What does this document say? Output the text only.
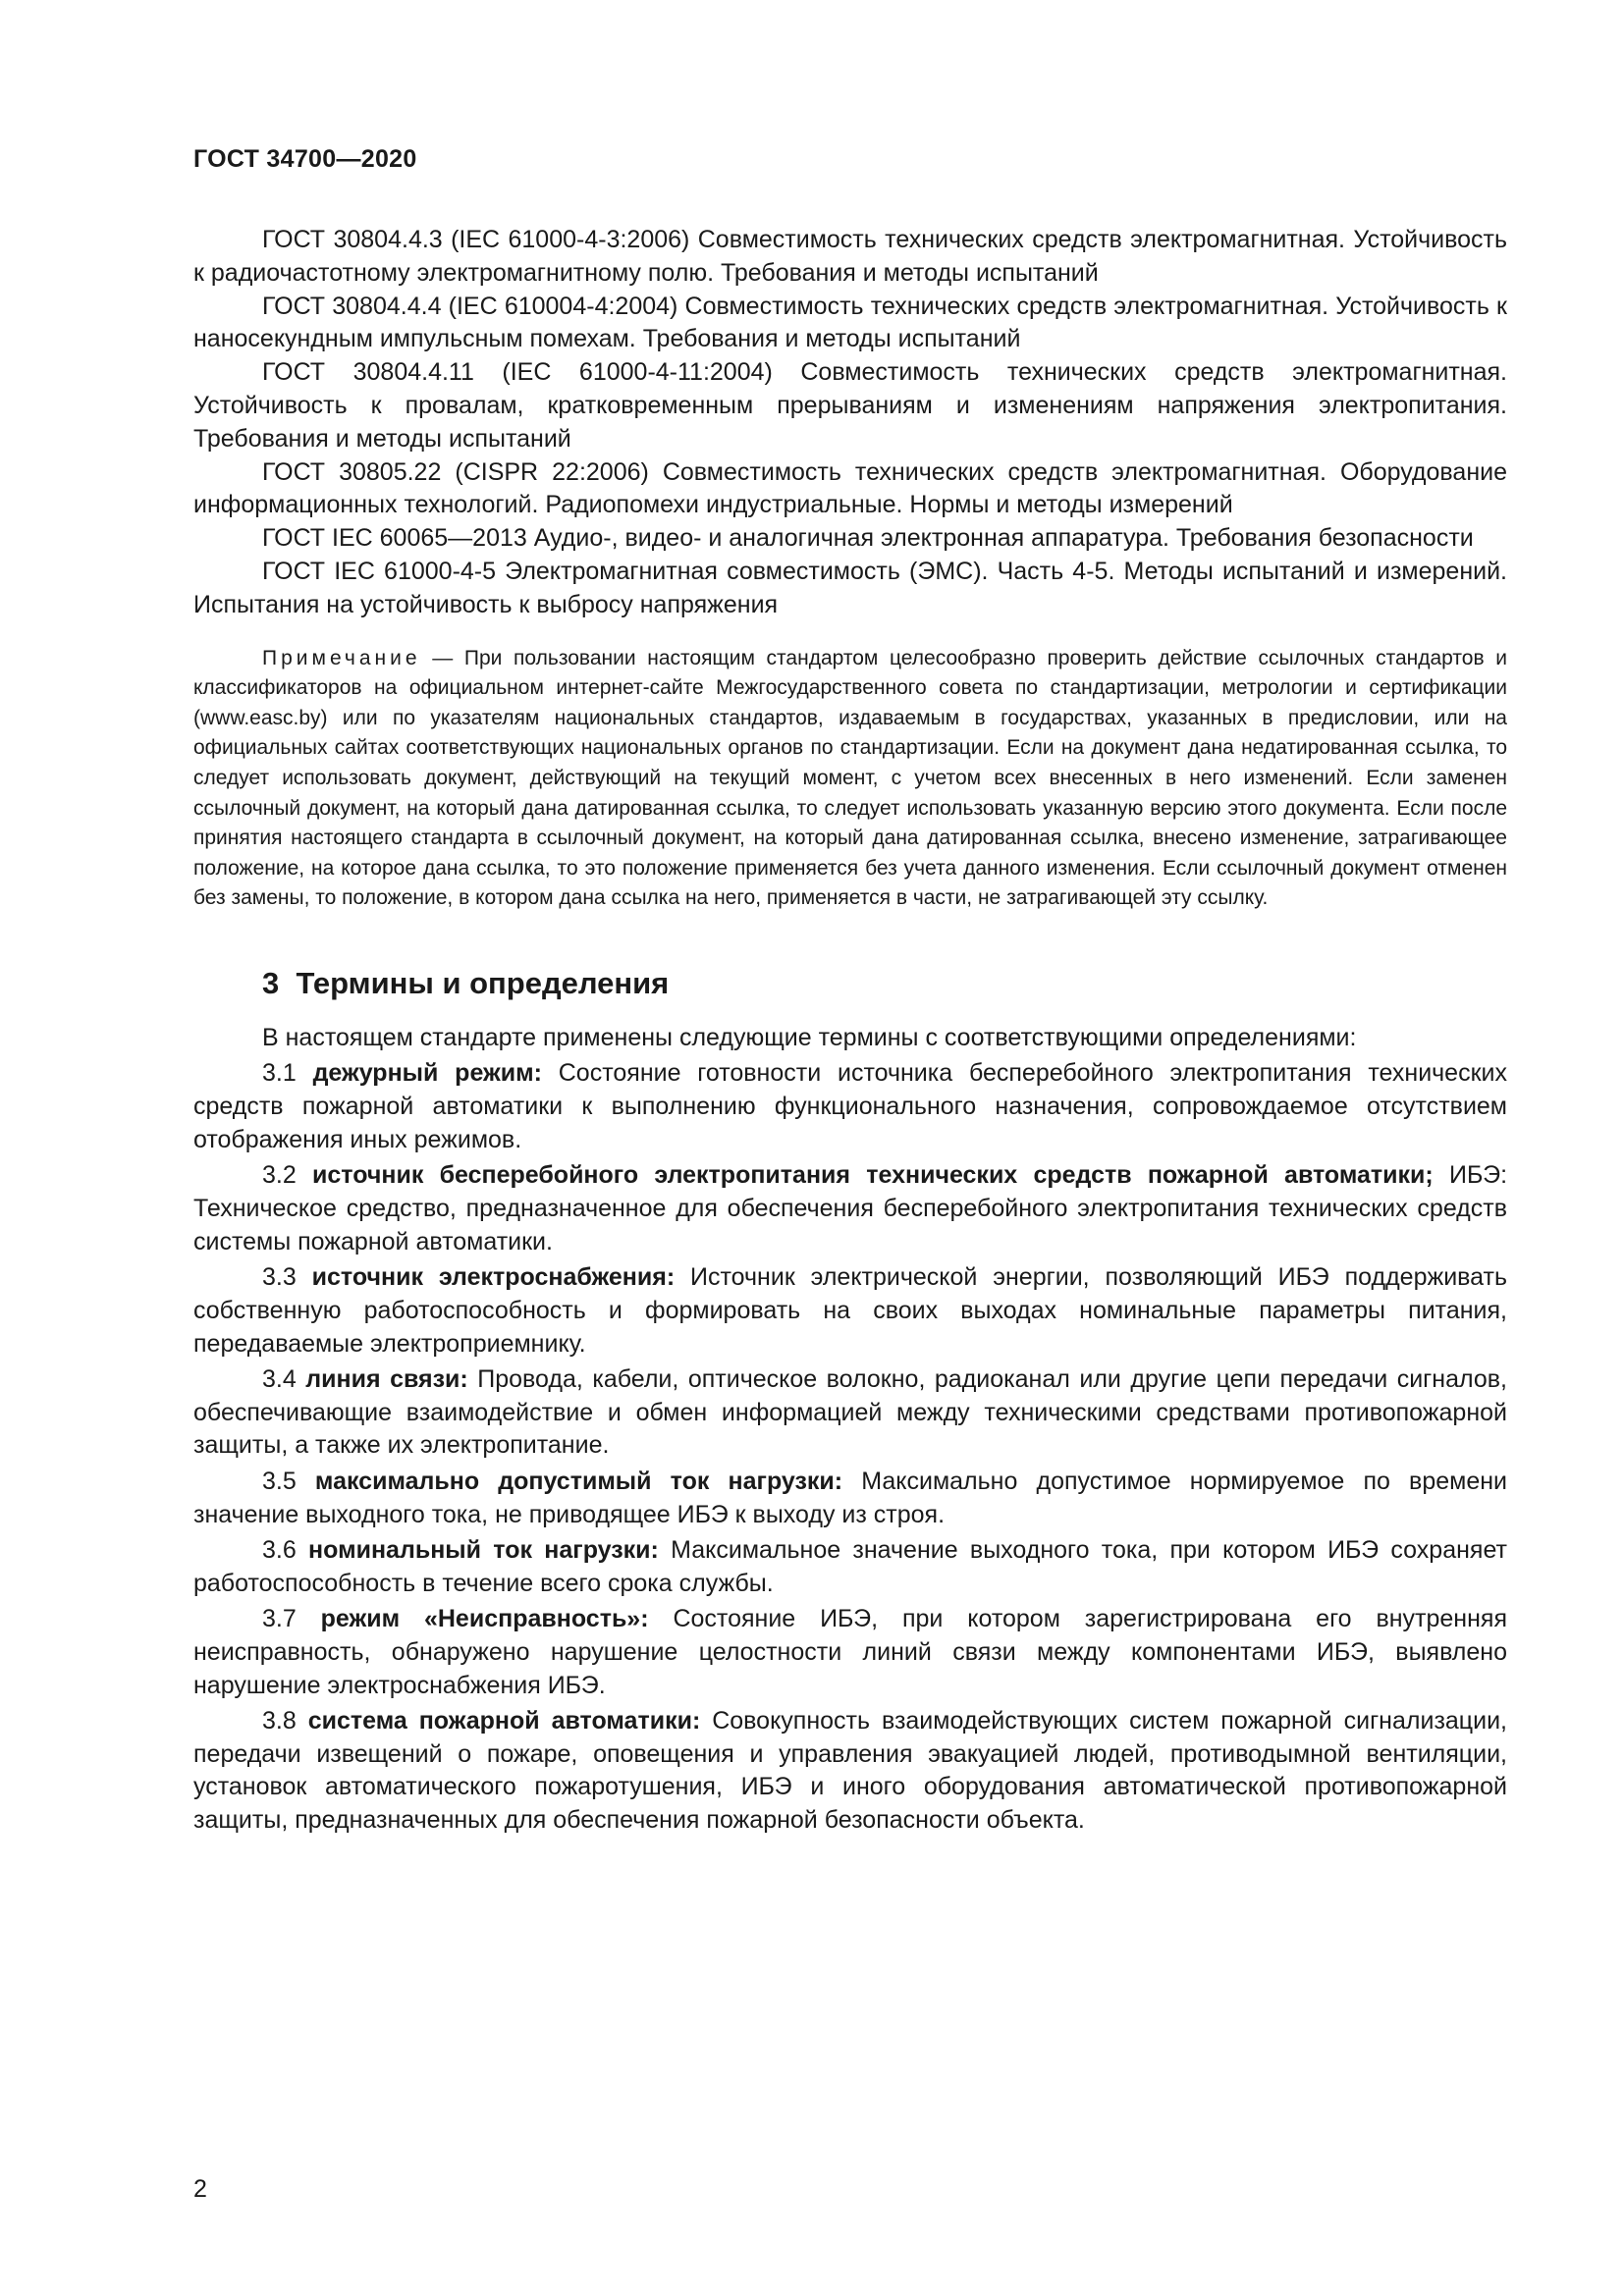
ГОСТ 34700—2020

ГОСТ 30804.4.3 (IEC 61000-4-3:2006) Совместимость технических средств электромагнитная. Устойчивость к радиочастотному электромагнитному полю. Требования и методы испытаний

ГОСТ 30804.4.4 (IEC 610004-4:2004) Совместимость технических средств электромагнитная. Устойчивость к наносекундным импульсным помехам. Требования и методы испытаний

ГОСТ 30804.4.11 (IEC 61000-4-11:2004) Совместимость технических средств электромагнитная. Устойчивость к провалам, кратковременным прерываниям и изменениям напряжения электропитания. Требования и методы испытаний

ГОСТ 30805.22 (CISPR 22:2006) Совместимость технических средств электромагнитная. Оборудование информационных технологий. Радиопомехи индустриальные. Нормы и методы измерений

ГОСТ IEC 60065—2013 Аудио-, видео- и аналогичная электронная аппаратура. Требования безопасности

ГОСТ IEC 61000-4-5 Электромагнитная совместимость (ЭМС). Часть 4-5. Методы испытаний и измерений. Испытания на устойчивость к выбросу напряжения

Примечание — При пользовании настоящим стандартом целесообразно проверить действие ссылочных стандартов и классификаторов на официальном интернет-сайте Межгосударственного совета по стандартизации, метрологии и сертификации (www.easc.by) или по указателям национальных стандартов, издаваемым в государствах, указанных в предисловии, или на официальных сайтах соответствующих национальных органов по стандартизации. Если на документ дана недатированная ссылка, то следует использовать документ, действующий на текущий момент, с учетом всех внесенных в него изменений. Если заменен ссылочный документ, на который дана датированная ссылка, то следует использовать указанную версию этого документа. Если после принятия настоящего стандарта в ссылочный документ, на который дана датированная ссылка, внесено изменение, затрагивающее положение, на которое дана ссылка, то это положение применяется без учета данного изменения. Если ссылочный документ отменен без замены, то положение, в котором дана ссылка на него, применяется в части, не затрагивающей эту ссылку.

3 Термины и определения

В настоящем стандарте применены следующие термины с соответствующими определениями:

3.1 дежурный режим: Состояние готовности источника бесперебойного электропитания технических средств пожарной автоматики к выполнению функционального назначения, сопровождаемое отсутствием отображения иных режимов.

3.2 источник бесперебойного электропитания технических средств пожарной автоматики; ИБЭ: Техническое средство, предназначенное для обеспечения бесперебойного электропитания технических средств системы пожарной автоматики.

3.3 источник электроснабжения: Источник электрической энергии, позволяющий ИБЭ поддерживать собственную работоспособность и формировать на своих выходах номинальные параметры питания, передаваемые электроприемнику.

3.4 линия связи: Провода, кабели, оптическое волокно, радиоканал или другие цепи передачи сигналов, обеспечивающие взаимодействие и обмен информацией между техническими средствами противопожарной защиты, а также их электропитание.

3.5 максимально допустимый ток нагрузки: Максимально допустимое нормируемое по времени значение выходного тока, не приводящее ИБЭ к выходу из строя.

3.6 номинальный ток нагрузки: Максимальное значение выходного тока, при котором ИБЭ сохраняет работоспособность в течение всего срока службы.

3.7 режим «Неисправность»: Состояние ИБЭ, при котором зарегистрирована его внутренняя неисправность, обнаружено нарушение целостности линий связи между компонентами ИБЭ, выявлено нарушение электроснабжения ИБЭ.

3.8 система пожарной автоматики: Совокупность взаимодействующих систем пожарной сигнализации, передачи извещений о пожаре, оповещения и управления эвакуацией людей, противодымной вентиляции, установок автоматического пожаротушения, ИБЭ и иного оборудования автоматической противопожарной защиты, предназначенных для обеспечения пожарной безопасности объекта.

2
